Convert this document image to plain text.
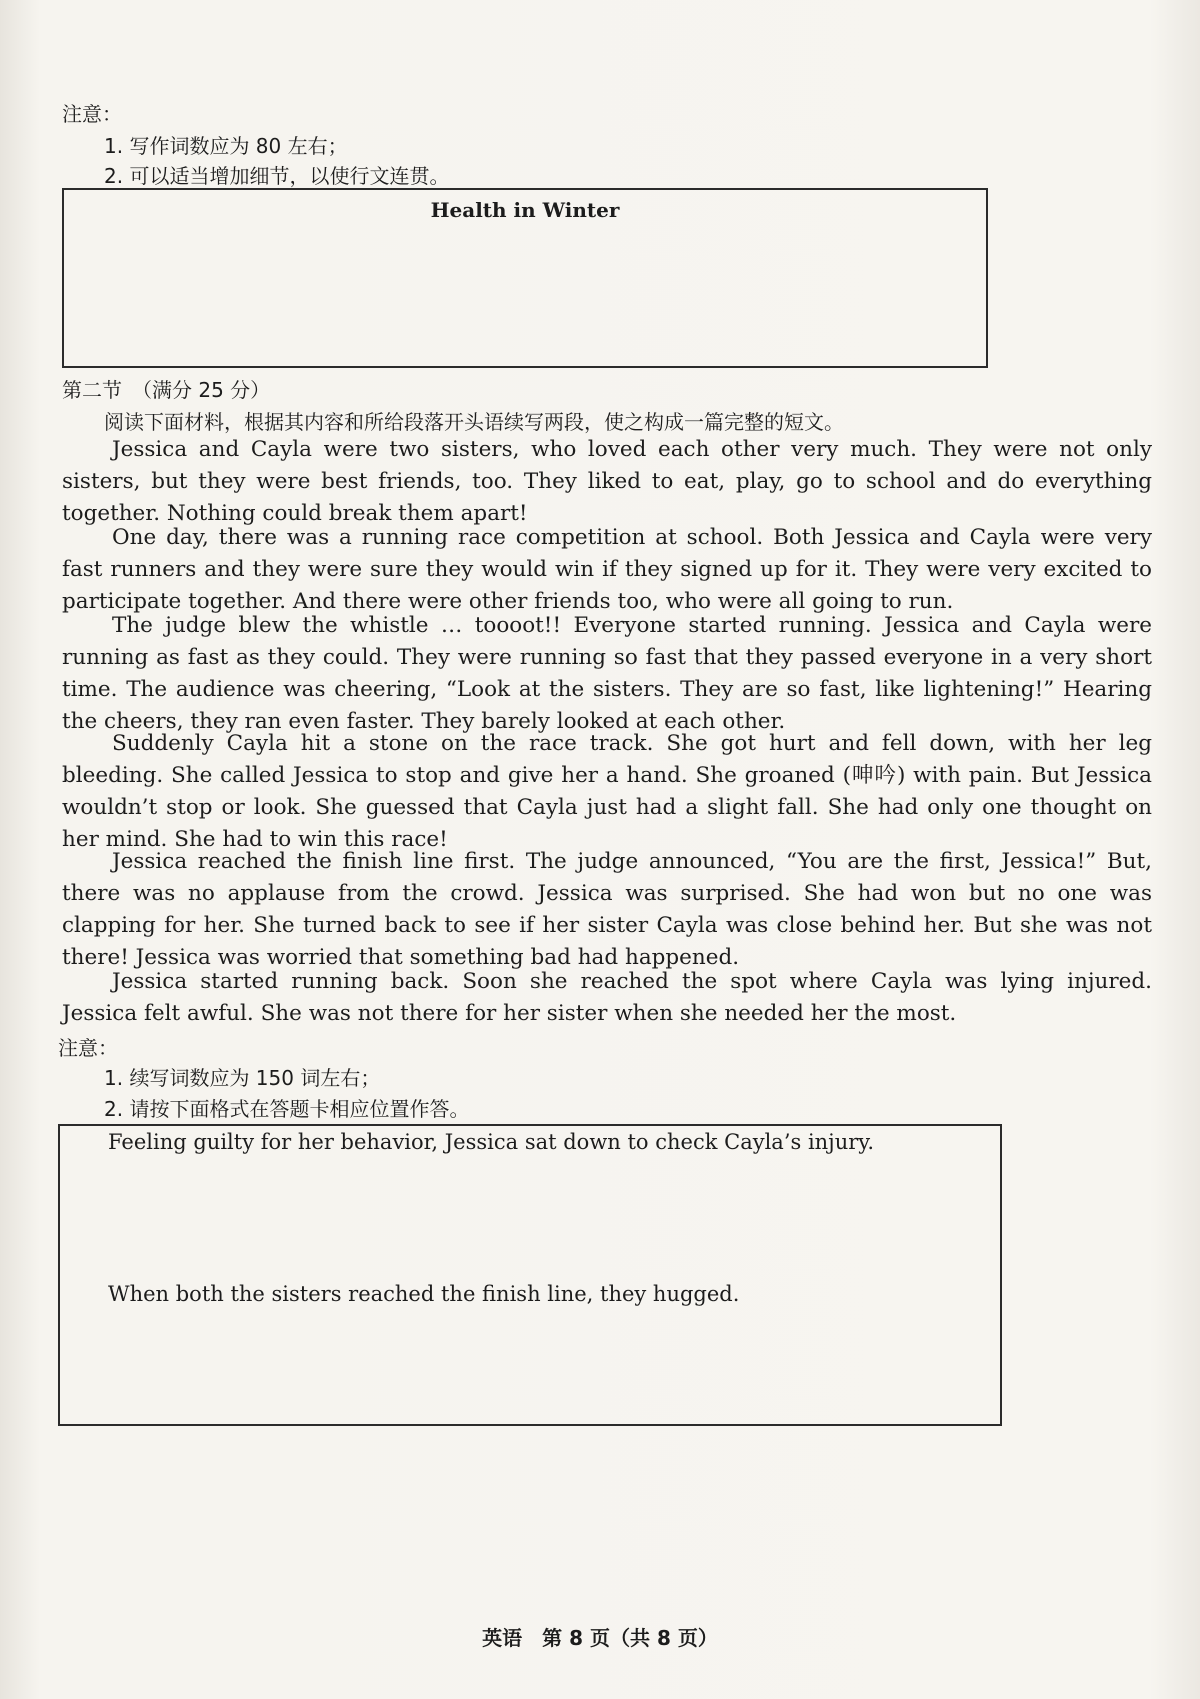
注意：
1. 写作词数应为 80 左右；
2. 可以适当增加细节，以使行文连贯。
Health in Winter
第二节　（满分 25 分）
阅读下面材料，根据其内容和所给段落开头语续写两段，使之构成一篇完整的短文。
Jessica and Cayla were two sisters, who loved each other very much. They were not only sisters, but they were best friends, too. They liked to eat, play, go to school and do everything together. Nothing could break them apart!
One day, there was a running race competition at school. Both Jessica and Cayla were very fast runners and they were sure they would win if they signed up for it. They were very excited to participate together. And there were other friends too, who were all going to run.
The judge blew the whistle … toooot!! Everyone started running. Jessica and Cayla were running as fast as they could. They were running so fast that they passed everyone in a very short time. The audience was cheering, “Look at the sisters. They are so fast, like lightening!” Hearing the cheers, they ran even faster. They barely looked at each other.
Suddenly Cayla hit a stone on the race track. She got hurt and fell down, with her leg bleeding. She called Jessica to stop and give her a hand. She groaned (呻吟) with pain. But Jessica wouldn’t stop or look. She guessed that Cayla just had a slight fall. She had only one thought on her mind. She had to win this race!
Jessica reached the finish line first. The judge announced, “You are the first, Jessica!” But, there was no applause from the crowd. Jessica was surprised. She had won but no one was clapping for her. She turned back to see if her sister Cayla was close behind her. But she was not there! Jessica was worried that something bad had happened.
Jessica started running back. Soon she reached the spot where Cayla was lying injured. Jessica felt awful. She was not there for her sister when she needed her the most.
注意：
1. 续写词数应为 150 词左右；
2. 请按下面格式在答题卡相应位置作答。
Feeling guilty for her behavior, Jessica sat down to check Cayla’s injury.
When both the sisters reached the finish line, they hugged.
英语　第 8 页（共 8 页）
